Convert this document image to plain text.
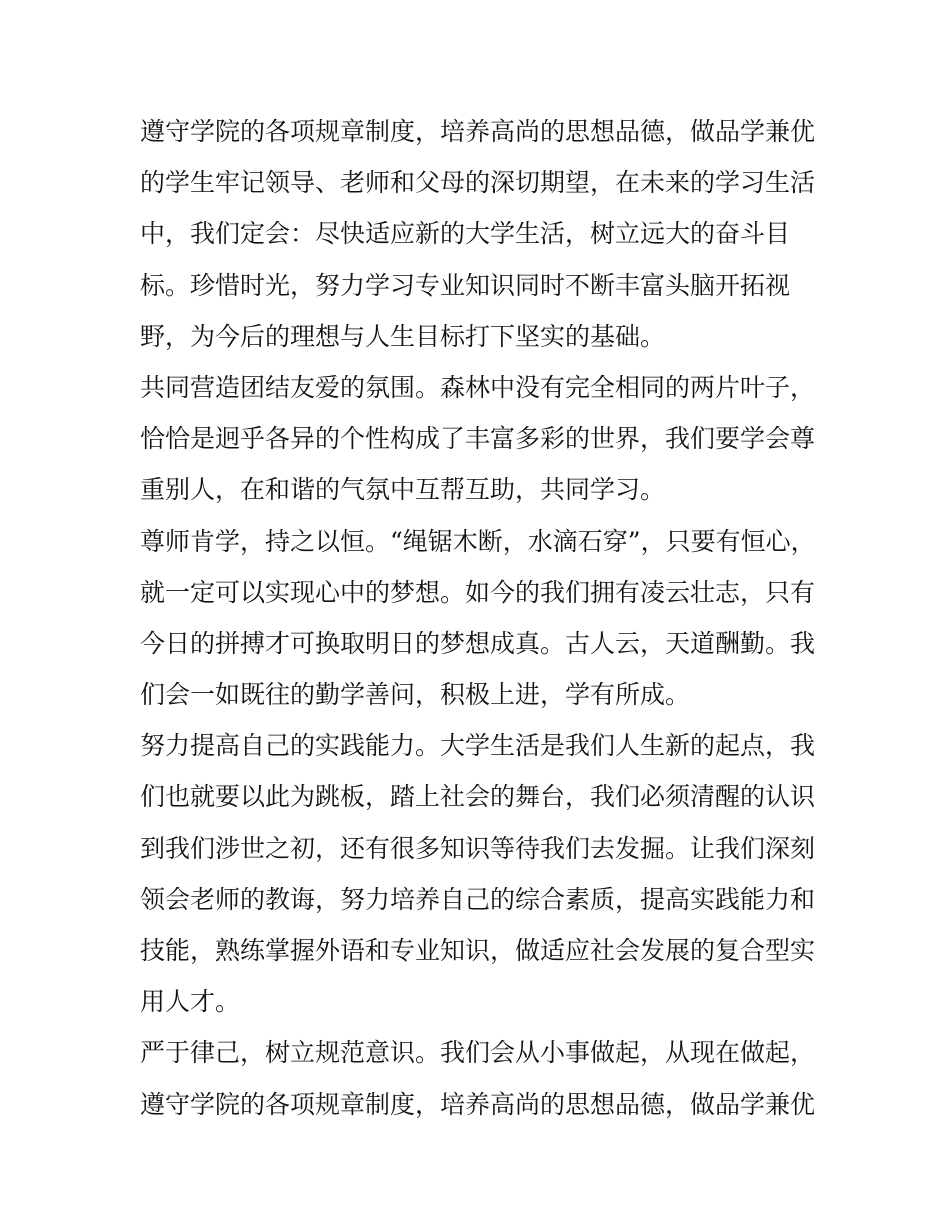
遵守学院的各项规章制度，培养高尚的思想品德，做品学兼优
的学生牢记领导、老师和父母的深切期望，在未来的学习生活
中，我们定会：尽快适应新的大学生活，树立远大的奋斗目
标。珍惜时光，努力学习专业知识同时不断丰富头脑开拓视
野，为今后的理想与人生目标打下坚实的基础。
共同营造团结友爱的氛围。森林中没有完全相同的两片叶子，
恰恰是迥乎各异的个性构成了丰富多彩的世界，我们要学会尊
重别人，在和谐的气氛中互帮互助，共同学习。
尊师肯学，持之以恒。“绳锯木断，水滴石穿”，只要有恒心，
就一定可以实现心中的梦想。如今的我们拥有凌云壮志，只有
今日的拼搏才可换取明日的梦想成真。古人云，天道酬勤。我
们会一如既往的勤学善问，积极上进，学有所成。
努力提高自己的实践能力。大学生活是我们人生新的起点，我
们也就要以此为跳板，踏上社会的舞台，我们必须清醒的认识
到我们涉世之初，还有很多知识等待我们去发掘。让我们深刻
领会老师的教诲，努力培养自己的综合素质，提高实践能力和
技能，熟练掌握外语和专业知识，做适应社会发展的复合型实
用人才。
严于律己，树立规范意识。我们会从小事做起，从现在做起，
遵守学院的各项规章制度，培养高尚的思想品德，做品学兼优
